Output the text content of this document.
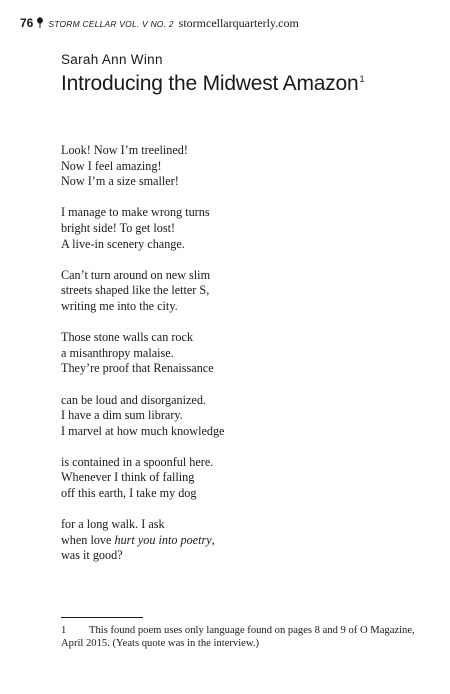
76 STORM CELLAR VOL. V NO. 2 stormcellarquarterly.com
Sarah Ann Winn
Introducing the Midwest Amazon$^1$
Look! Now I’m treelined!
Now I feel amazing!
Now I’m a size smaller!
I manage to make wrong turns
bright side! To get lost!
A live-in scenery change.
Can’t turn around on new slim
streets shaped like the letter S,
writing me into the city.
Those stone walls can rock
a misanthropy malaise.
They’re proof that Renaissance
can be loud and disorganized.
I have a dim sum library.
I marvel at how much knowledge
is contained in a spoonful here.
Whenever I think of falling
off this earth, I take my dog
for a long walk. I ask
when love hurt you into poetry,
was it good?
1 This found poem uses only language found on pages 8 and 9 of O Magazine, April 2015. (Yeats quote was in the interview.)
